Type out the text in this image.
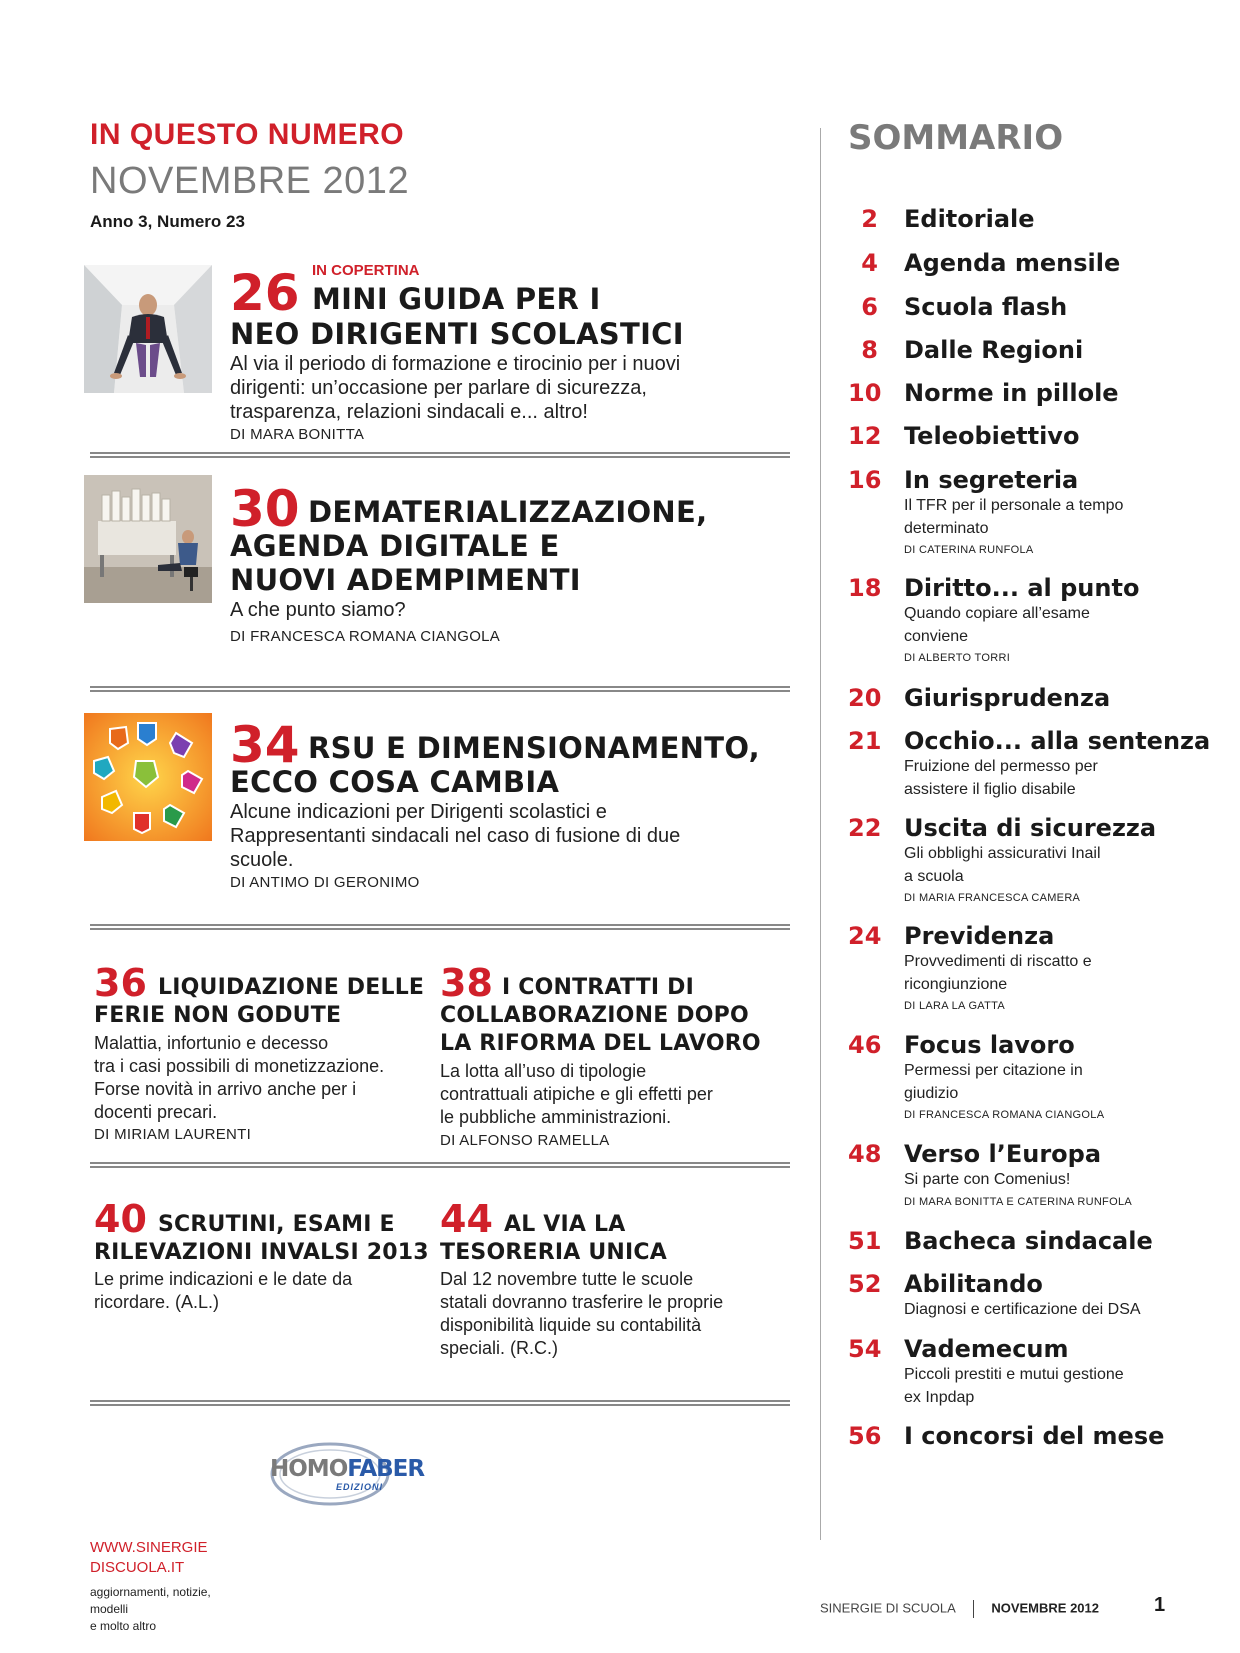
IN QUESTO NUMERO
NOVEMBRE 2012
Anno 3, Numero 23
26 IN COPERTINA
MINI GUIDA PER I
NEO DIRIGENTI SCOLASTICI
Al via il periodo di formazione e tirocinio per i nuovi
dirigenti: un’occasione per parlare di sicurezza,
trasparenza, relazioni sindacali e... altro!
DI MARA BONITTA
30 DEMATERIALIZZAZIONE,
AGENDA DIGITALE E
NUOVI ADEMPIMENTI
A che punto siamo?
DI FRANCESCA ROMANA CIANGOLA
34 RSU E DIMENSIONAMENTO,
ECCO COSA CAMBIA
Alcune indicazioni per Dirigenti scolastici e
Rappresentanti sindacali nel caso di fusione di due
scuole.
DI ANTIMO DI GERONIMO
36 LIQUIDAZIONE DELLE
FERIE NON GODUTE
Malattia, infortunio e decesso
tra i casi possibili di monetizzazione.
Forse novità in arrivo anche per i
docenti precari.
DI MIRIAM LAURENTI
38 I CONTRATTI DI
COLLABORAZIONE DOPO
LA RIFORMA DEL LAVORO
La lotta all’uso di tipologie
contrattuali atipiche e gli effetti per
le pubbliche amministrazioni.
DI ALFONSO RAMELLA
40 SCRUTINI, ESAMI E
RILEVAZIONI INVALSI 2013
Le prime indicazioni e le date da
ricordare. (A.L.)
44 AL VIA LA
TESORERIA UNICA
Dal 12 novembre tutte le scuole
statali dovranno trasferire le proprie
disponibilità liquide su contabilità
speciali. (R.C.)
SOMMARIO
2 Editoriale
4 Agenda mensile
6 Scuola flash
8 Dalle Regioni
10 Norme in pillole
12 Teleobiettivo
16 In segreteria
Il TFR per il personale a tempo
determinato
DI CATERINA RUNFOLA
18 Diritto... al punto
Quando copiare all’esame
conviene
DI ALBERTO TORRI
20 Giurisprudenza
21 Occhio... alla sentenza
Fruizione del permesso per
assistere il figlio disabile
22 Uscita di sicurezza
Gli obblighi assicurativi Inail
a scuola
DI MARIA FRANCESCA CAMERA
24 Previdenza
Provvedimenti di riscatto e
ricongiunzione
DI LARA LA GATTA
46 Focus lavoro
Permessi per citazione in
giudizio
DI FRANCESCA ROMANA CIANGOLA
48 Verso l’Europa
Si parte con Comenius!
DI MARA BONITTA E CATERINA RUNFOLA
51 Bacheca sindacale
52 Abilitando
Diagnosi e certificazione dei DSA
54 Vademecum
Piccoli prestiti e mutui gestione
ex Inpdap
56 I concorsi del mese
WWW.SINERGIE
DISCUOLA.IT
aggiornamenti, notizie, modelli
e molto altro
HOMOFABER
EDIZIONI
SINERGIE DI SCUOLA	NOVEMBRE 2012	1
